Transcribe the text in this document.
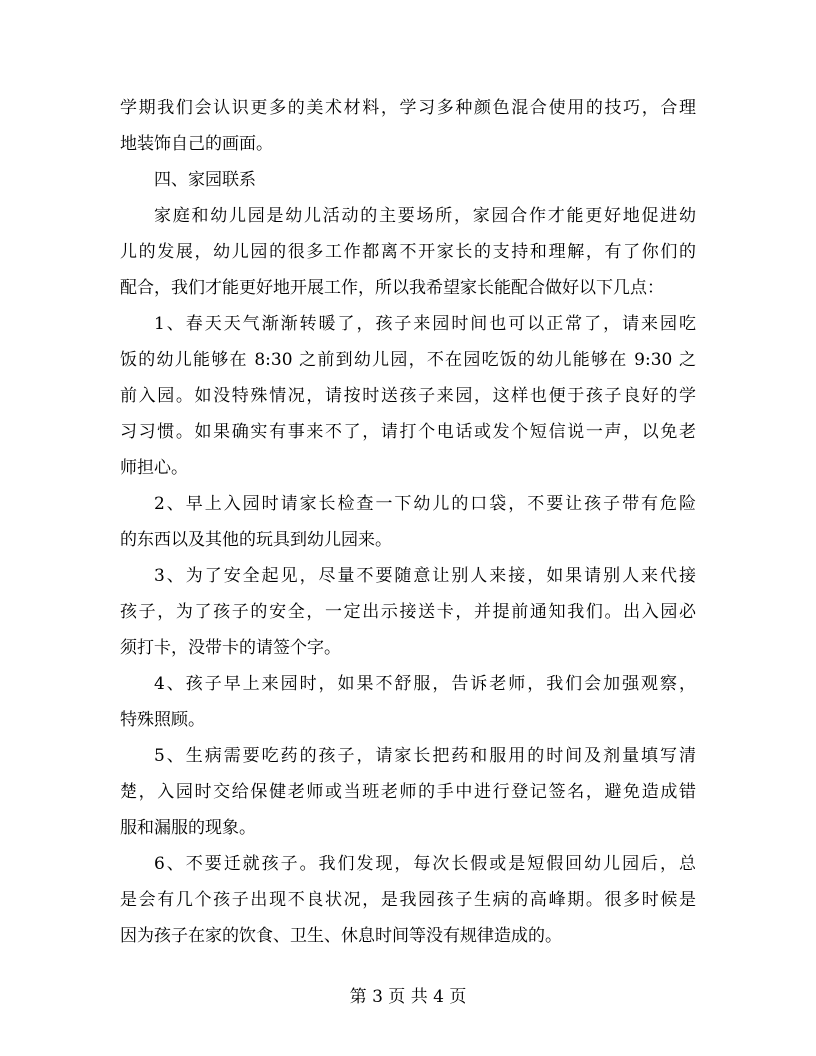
学期我们会认识更多的美术材料，学习多种颜色混合使用的技巧，合理

地装饰自己的画面。

四、家园联系

家庭和幼儿园是幼儿活动的主要场所，家园合作才能更好地促进幼

儿的发展，幼儿园的很多工作都离不开家长的支持和理解，有了你们的

配合，我们才能更好地开展工作，所以我希望家长能配合做好以下几点：

1、春天天气渐渐转暖了，孩子来园时间也可以正常了，请来园吃

饭的幼儿能够在 8:30 之前到幼儿园，不在园吃饭的幼儿能够在 9:30 之

前入园。如没特殊情况，请按时送孩子来园，这样也便于孩子良好的学

习习惯。如果确实有事来不了，请打个电话或发个短信说一声，以免老

师担心。

2、早上入园时请家长检查一下幼儿的口袋，不要让孩子带有危险

的东西以及其他的玩具到幼儿园来。

3、为了安全起见，尽量不要随意让别人来接，如果请别人来代接

孩子，为了孩子的安全，一定出示接送卡，并提前通知我们。出入园必

须打卡，没带卡的请签个字。

4、孩子早上来园时，如果不舒服，告诉老师，我们会加强观察，

特殊照顾。

5、生病需要吃药的孩子，请家长把药和服用的时间及剂量填写清

楚，入园时交给保健老师或当班老师的手中进行登记签名，避免造成错

服和漏服的现象。

6、不要迁就孩子。我们发现，每次长假或是短假回幼儿园后，总

是会有几个孩子出现不良状况，是我园孩子生病的高峰期。很多时候是

因为孩子在家的饮食、卫生、休息时间等没有规律造成的。

第 3 页 共 4 页
